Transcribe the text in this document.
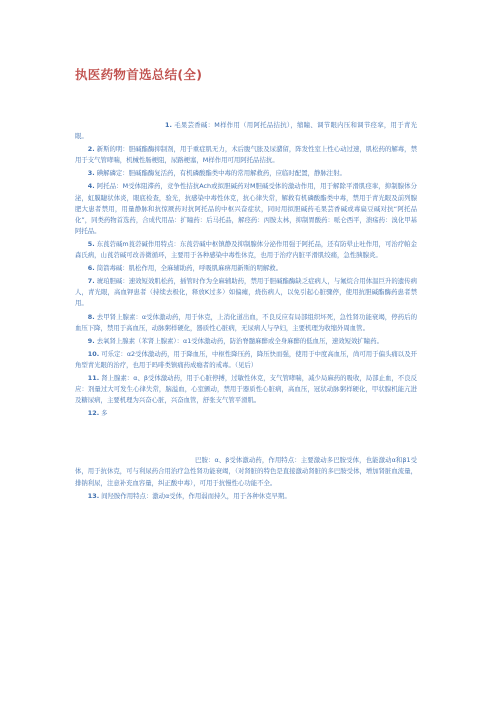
执医药物首选总结(全)

1. 毛果芸香碱：M样作用（用阿托品拮抗），缩瞳、调节眼内压和调节痉挛，用于青光眼。

2. 新斯的明：胆碱酯酶抑制剂，用于重症肌无力，术后腹气胀及尿潴留，阵发性室上性心动过速，肌松药的解毒，禁用于支气管哮喘，机械性肠梗阻，尿路梗塞，M样作用可用阿托品拮抗。

3. 碘解磷定：胆碱酯酶复活药，有机磷酸酯类中毒的常用解救药，应临时配置，静脉注射。

4. 阿托品：M受体阻滞药，竞争性拮抗Ach或拟胆碱药对M胆碱受体的激动作用，用于解除平滑肌痉挛，抑制腺体分泌，虹膜睫状体炎，眼底检查，验光，抗感染中毒性休克，抗心律失常，解救有机磷酸酯类中毒，禁用于青光眼及前列腺肥大患者禁用，用量静脉和抗惊厥药对抗阿托品的中枢兴奋症状，同时用拟胆碱药毛果芸香碱或毒扁豆碱对抗“阿托品化”，同类药物首选药，合成代用品：扩瞳药：后马托品，解痉药：丙胺太林，抑制胃酸药：哌仑西平，溃疡药：溴化甲基阿托品。

5. 东莨菪碱m莨菪碱作用特点：东莨菪碱中枢镇静及抑制腺体分泌作用强于阿托品，还有防晕止吐作用，可治疗帕金森氏病，山莨菪碱可改善微循环，主要用于各种感染中毒性休克，也用于治疗内脏平滑肌绞痛，急性胰腺炎。

6. 筒箭毒碱：肌松作用，全麻辅助药，呼吸肌麻痹用新斯的明解救。

7. 琥珀胆碱：速效短效肌松药，插管时作为全麻辅助药，禁用于胆碱酯酶缺乏症病人，与氟烷合用体温巨升的遗传病人，青光眼，高血钾患者（持续去极化，释放K过多）如偏瘫，烧伤病人，以免引起心脏骤停，使用抗胆碱酯酶药患者禁用。

8. 去甲肾上腺素：α受体激动药，用于休克，上消化道出血，不良反应有局部组织坏死，急性肾功能衰竭，停药后的血压下降，禁用于高血压，动脉粥样硬化，器质性心脏病，无尿病人与孕妇，主要机理为收缩外周血管。

9. 去氧肾上腺素（苯肾上腺素）：α1受体激动药，防治脊髓麻醉或全身麻醉的低血压，速效短效扩瞳药。

10. 可乐定：α2受体激动药，用于降血压，中枢性降压药，降压快而强，使用于中度高血压，尚可用于偏头痛以及开角型青光眼的治疗，也用于吗啡类镇痛药成瘾者的戒毒。（见后）

11. 肾上腺素：α、β受体激动药，用于心脏停搏，过敏性休克，支气管哮喘，减少局麻药的吸收，局部止血，不良反应：剂量过大可发生心律失常，脑溢血，心室颤动，禁用于器质性心脏病，高血压，冠状动脉粥样硬化，甲状腺机能亢进及糖尿病，主要机理为兴奋心脏，兴奋血管，舒张支气管平滑肌。

12. 多

巴胺：α、β受体激动药，作用特点：主要激动多巴胺受体，也能激动α和β1受体，用于抗休克，可与利尿药合用治疗急性肾功能衰竭，（对肾脏的特色是直接激动肾脏的多巴胺受体，增加肾脏血流量，排钠利尿，注意补充血容量，纠正酸中毒），可用于抗慢性心功能不全。

13. 间羟胺作用特点：激动α受体，作用弱而持久，用于各种休克早期。
